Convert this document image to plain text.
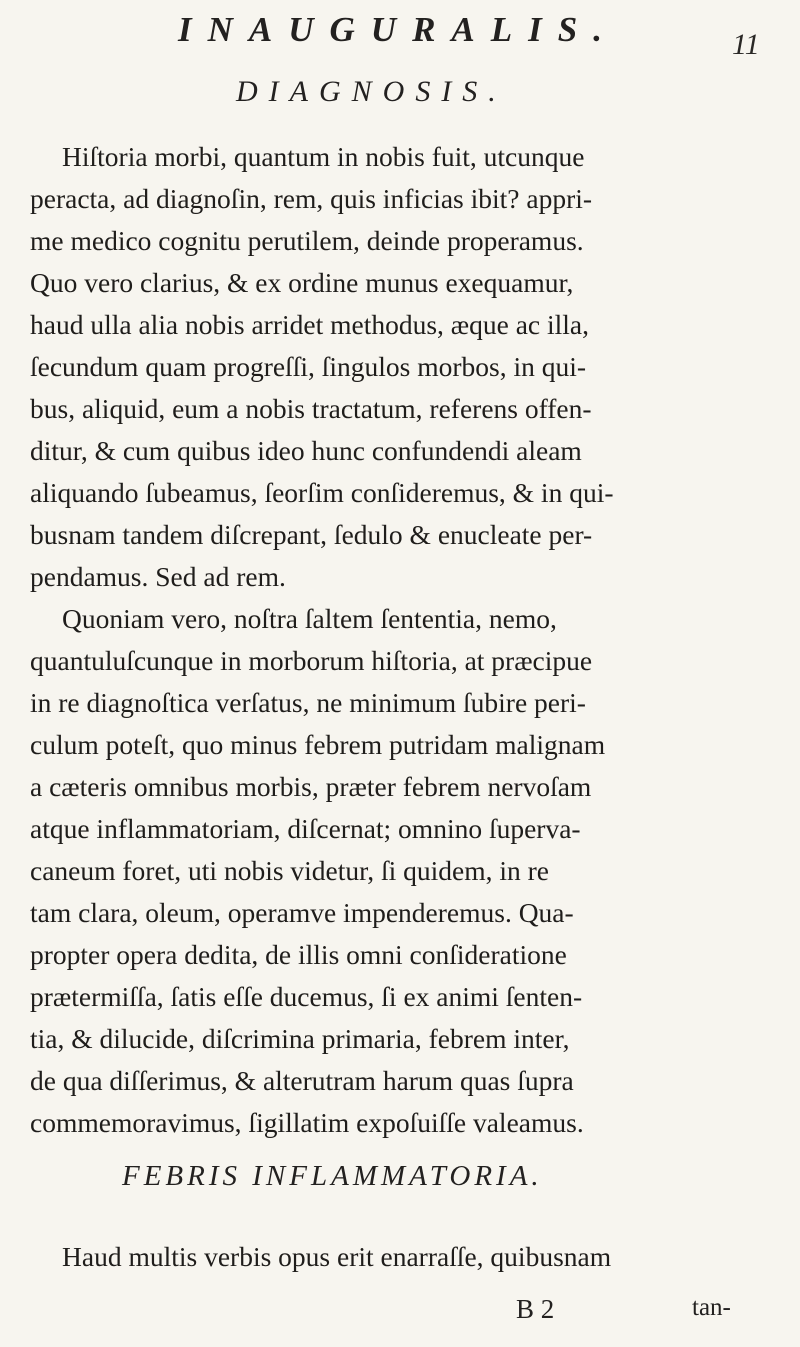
INAUGURALIS.	11
DIAGNOSIS.
Hiſtoria morbi, quantum in nobis fuit, utcunque
peracta, ad diagnoſin, rem, quis inficias ibit? appri-
me medico cognitu perutilem, deinde properamus.
Quo vero clarius, & ex ordine munus exequamur,
haud ulla alia nobis arridet methodus, æque ac illa,
ſecundum quam progreſſi, ſingulos morbos, in qui-
bus, aliquid, eum a nobis tractatum, referens offen-
ditur, & cum quibus ideo hunc confundendi aleam
aliquando ſubeamus, ſeorſim conſideremus, & in qui-
busnam tandem diſcrepant, ſedulo & enucleate per-
pendamus. Sed ad rem.
Quoniam vero, noſtra ſaltem ſententia, nemo,
quantuluſcunque in morborum hiſtoria, at præcipue
in re diagnoſtica verſatus, ne minimum ſubire peri-
culum poteſt, quo minus febrem putridam malignam
a cæteris omnibus morbis, præter febrem nervoſam
atque inflammatoriam, diſcernat; omnino ſuperva-
caneum foret, uti nobis videtur, ſi quidem, in re
tam clara, oleum, operamve impenderemus. Qua-
propter opera dedita, de illis omni conſideratione
prætermiſſa, ſatis eſſe ducemus, ſi ex animi ſenten-
tia, & dilucide, diſcrimina primaria, febrem inter,
de qua diſſerimus, & alterutram harum quas ſupra
commemoravimus, ſigillatim expoſuiſſe valeamus.
FEBRIS INFLAMMATORIA.
Haud multis verbis opus erit enarraſſe, quibusnam
B 2	tan-
